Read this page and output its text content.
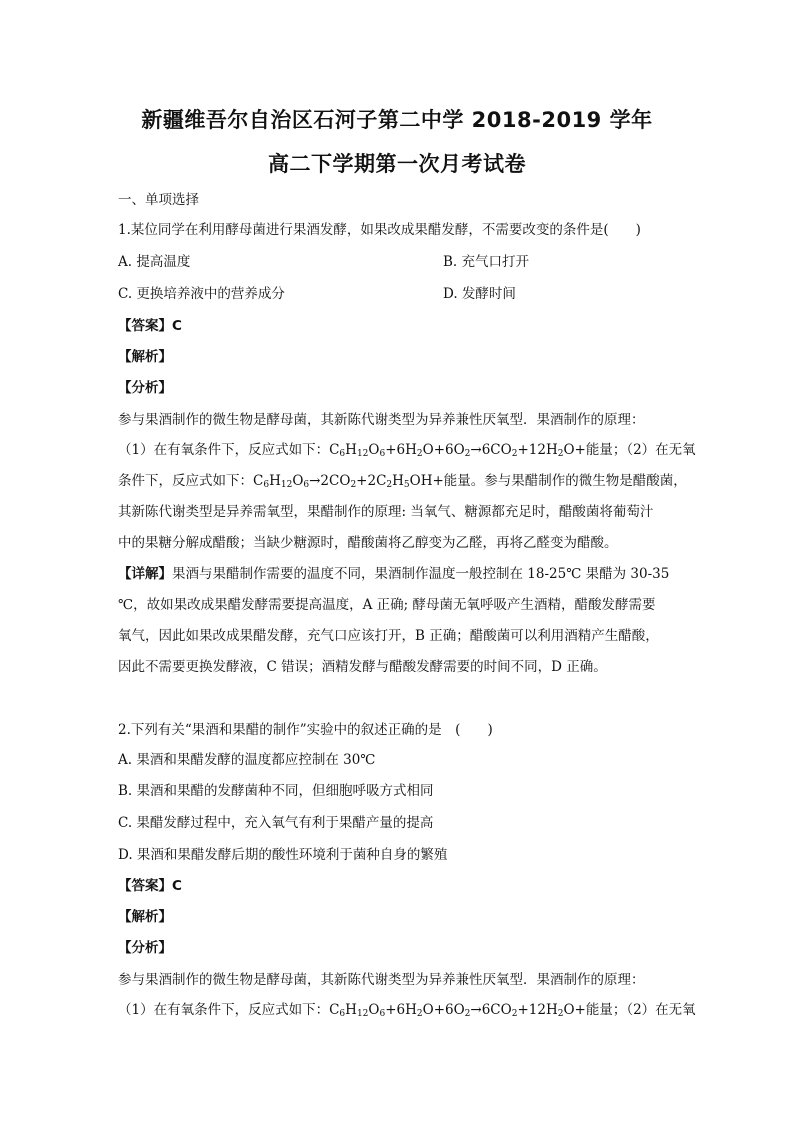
新疆维吾尔自治区石河子第二中学 2018-2019 学年
高二下学期第一次月考试卷
一、单项选择
1.某位同学在利用酵母菌进行果酒发酵，如果改成果醋发酵，不需要改变的条件是(　　)
A. 提高温度	B. 充气口打开
C. 更换培养液中的营养成分	D. 发酵时间
【答案】C
【解析】
【分析】
参与果酒制作的微生物是酵母菌，其新陈代谢类型为异养兼性厌氧型．果酒制作的原理：
（1）在有氧条件下，反应式如下：$C_6H_{12}O_6+6H_2O+6O_2\to 6CO_2+12H_2O+$能量；（2）在无氧
条件下，反应式如下：$C_6H_{12}O_6\to 2CO_2+2C_2H_5OH+$能量。参与果醋制作的微生物是醋酸菌，
其新陈代谢类型是异养需氧型，果醋制作的原理: 当氧气、糖源都充足时，醋酸菌将葡萄汁
中的果糖分解成醋酸；当缺少糖源时，醋酸菌将乙醇变为乙醛，再将乙醛变为醋酸。
【详解】果酒与果醋制作需要的温度不同，果酒制作温度一般控制在 18-25℃ 果醋为 30-35
℃，故如果改成果醋发酵需要提高温度，A 正确; 酵母菌无氧呼吸产生酒精，醋酸发酵需要
氧气，因此如果改成果醋发酵，充气口应该打开，B 正确；醋酸菌可以利用酒精产生醋酸，
因此不需要更换发酵液，C 错误；酒精发酵与醋酸发酵需要的时间不同，D 正确。
2.下列有关“果酒和果醋的制作”实验中的叙述正确的是　(　　)
A. 果酒和果醋发酵的温度都应控制在 30℃
B. 果酒和果醋的发酵菌种不同，但细胞呼吸方式相同
C. 果醋发酵过程中，充入氧气有利于果醋产量的提高
D. 果酒和果醋发酵后期的酸性环境利于菌种自身的繁殖
【答案】C
【解析】
【分析】
参与果酒制作的微生物是酵母菌，其新陈代谢类型为异养兼性厌氧型．果酒制作的原理：
（1）在有氧条件下，反应式如下：$C_6H_{12}O_6+6H_2O+6O_2\to 6CO_2+12H_2O+$能量；（2）在无氧
